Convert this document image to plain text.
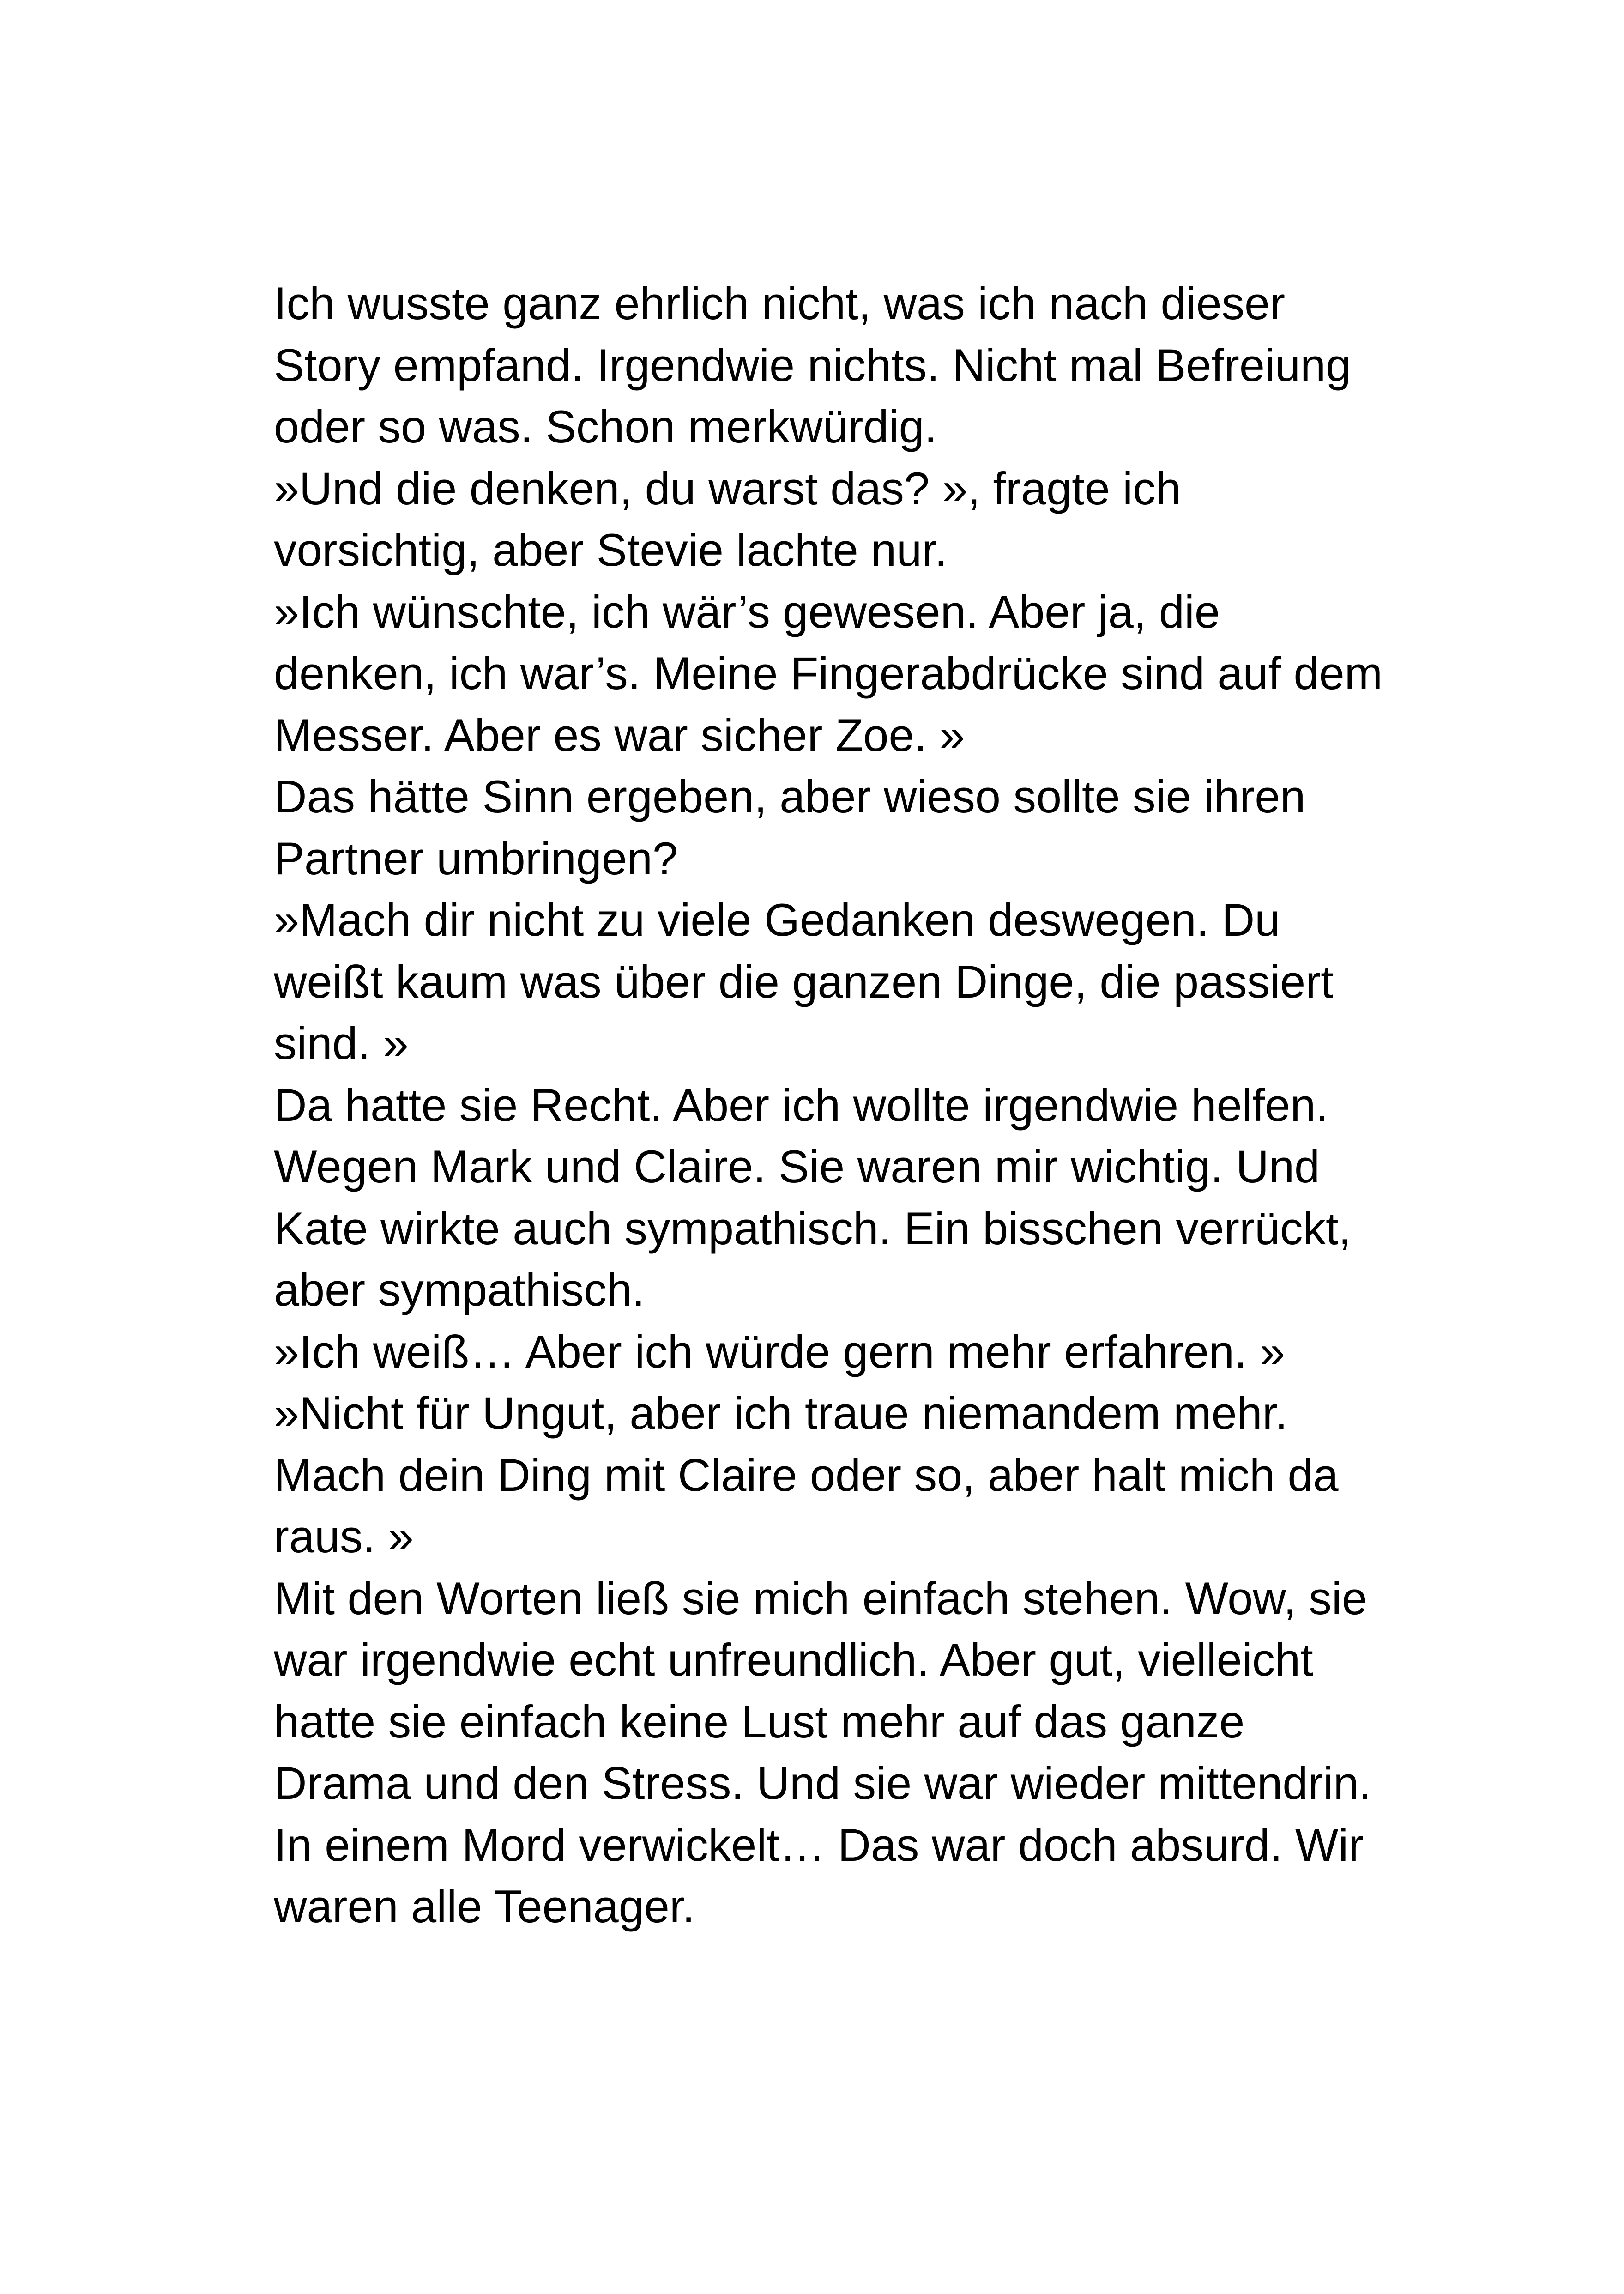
Ich wusste ganz ehrlich nicht, was ich nach dieser
Story empfand. Irgendwie nichts. Nicht mal Befreiung
oder so was. Schon merkwürdig.
»Und die denken, du warst das? », fragte ich
vorsichtig, aber Stevie lachte nur.
»Ich wünschte, ich wär’s gewesen. Aber ja, die
denken, ich war’s. Meine Fingerabdrücke sind auf dem
Messer. Aber es war sicher Zoe. »
Das hätte Sinn ergeben, aber wieso sollte sie ihren
Partner umbringen?
»Mach dir nicht zu viele Gedanken deswegen. Du
weißt kaum was über die ganzen Dinge, die passiert
sind. »
Da hatte sie Recht. Aber ich wollte irgendwie helfen.
Wegen Mark und Claire. Sie waren mir wichtig. Und
Kate wirkte auch sympathisch. Ein bisschen verrückt,
aber sympathisch.
»Ich weiß… Aber ich würde gern mehr erfahren. »
»Nicht für Ungut, aber ich traue niemandem mehr.
Mach dein Ding mit Claire oder so, aber halt mich da
raus. »
Mit den Worten ließ sie mich einfach stehen. Wow, sie
war irgendwie echt unfreundlich. Aber gut, vielleicht
hatte sie einfach keine Lust mehr auf das ganze
Drama und den Stress. Und sie war wieder mittendrin.
In einem Mord verwickelt… Das war doch absurd. Wir
waren alle Teenager.
